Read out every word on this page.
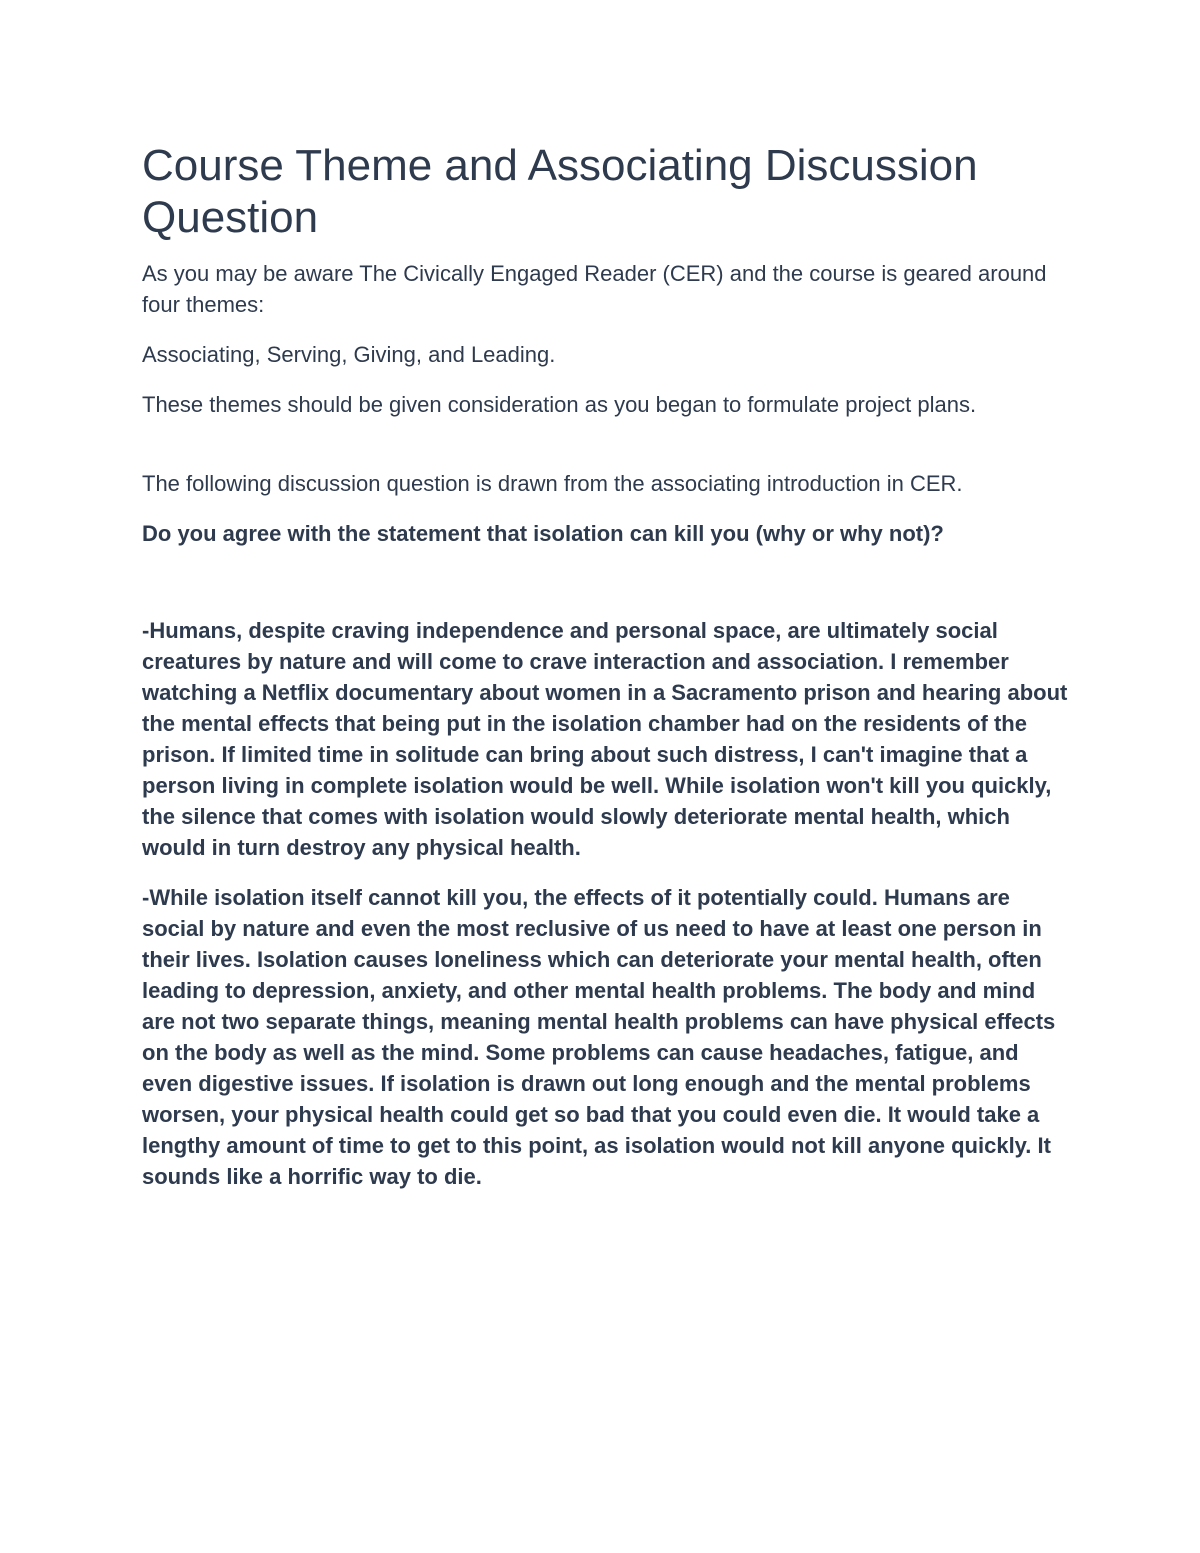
Course Theme and Associating Discussion Question

As you may be aware The Civically Engaged Reader (CER) and the course is geared around four themes:

Associating, Serving, Giving, and Leading.

These themes should be given consideration as you began to formulate project plans.

The following discussion question is drawn from the associating introduction in CER.

Do you agree with the statement that isolation can kill you (why or why not)?

-Humans, despite craving independence and personal space, are ultimately social creatures by nature and will come to crave interaction and association. I remember watching a Netflix documentary about women in a Sacramento prison and hearing about the mental effects that being put in the isolation chamber had on the residents of the prison. If limited time in solitude can bring about such distress, I can't imagine that a person living in complete isolation would be well. While isolation won't kill you quickly, the silence that comes with isolation would slowly deteriorate mental health, which would in turn destroy any physical health.

-While isolation itself cannot kill you, the effects of it potentially could. Humans are social by nature and even the most reclusive of us need to have at least one person in their lives. Isolation causes loneliness which can deteriorate your mental health, often leading to depression, anxiety, and other mental health problems. The body and mind are not two separate things, meaning mental health problems can have physical effects on the body as well as the mind. Some problems can cause headaches, fatigue, and even digestive issues. If isolation is drawn out long enough and the mental problems worsen, your physical health could get so bad that you could even die. It would take a lengthy amount of time to get to this point, as isolation would not kill anyone quickly. It sounds like a horrific way to die.
